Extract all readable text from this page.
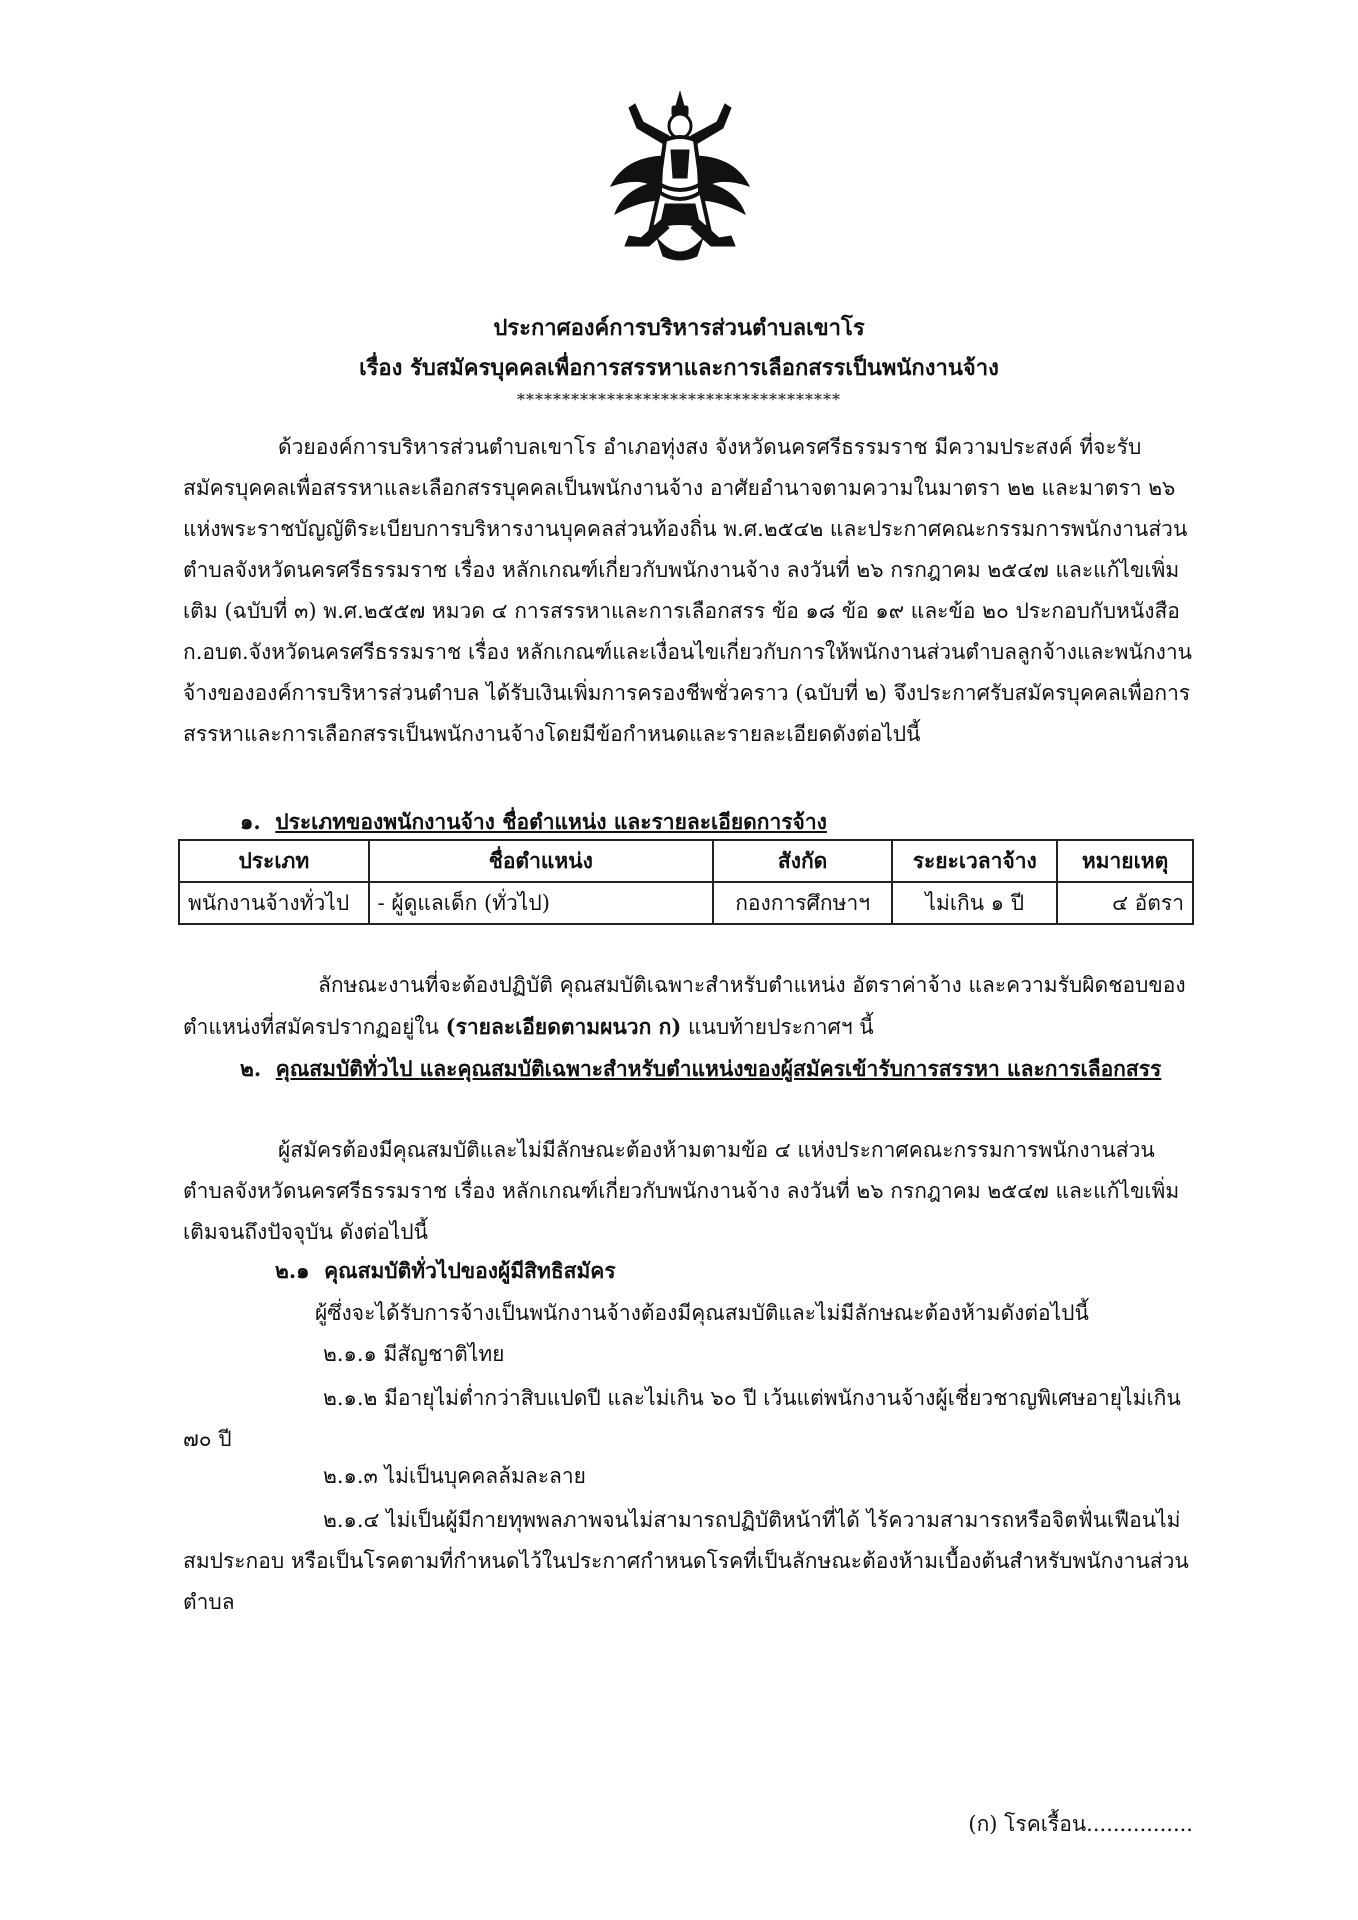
ประกาศองค์การบริหารส่วนตำบลเขาโร
เรื่อง รับสมัครบุคคลเพื่อการสรรหาและการเลือกสรรเป็นพนักงานจ้าง
************************************
ด้วยองค์การบริหารส่วนตำบลเขาโร อำเภอทุ่งสง จังหวัดนครศรีธรรมราช มีความประสงค์ ที่จะรับสมัครบุคคลเพื่อสรรหาและเลือกสรรบุคคลเป็นพนักงานจ้าง อาศัยอำนาจตามความในมาตรา ๒๒ และมาตรา ๒๖ แห่งพระราชบัญญัติระเบียบการบริหารงานบุคคลส่วนท้องถิ่น พ.ศ.๒๕๔๒ และประกาศคณะกรรมการพนักงานส่วนตำบลจังหวัดนครศรีธรรมราช เรื่อง หลักเกณฑ์เกี่ยวกับพนักงานจ้าง ลงวันที่ ๒๖ กรกฎาคม ๒๕๔๗ และแก้ไขเพิ่มเติม (ฉบับที่ ๓) พ.ศ.๒๕๕๗ หมวด ๔ การสรรหาและการเลือกสรร ข้อ ๑๘ ข้อ ๑๙ และข้อ ๒๐ ประกอบกับหนังสือ ก.อบต.จังหวัดนครศรีธรรมราช เรื่อง หลักเกณฑ์และเงื่อนไขเกี่ยวกับการให้พนักงานส่วนตำบลลูกจ้างและพนักงานจ้างขององค์การบริหารส่วนตำบล ได้รับเงินเพิ่มการครองชีพชั่วคราว (ฉบับที่ ๒) จึงประกาศรับสมัครบุคคลเพื่อการสรรหาและการเลือกสรรเป็นพนักงานจ้างโดยมีข้อกำหนดและรายละเอียดดังต่อไปนี้
๑. ประเภทของพนักงานจ้าง ชื่อตำแหน่ง และรายละเอียดการจ้าง
ประเภท	ชื่อตำแหน่ง	สังกัด	ระยะเวลาจ้าง	หมายเหตุ
พนักงานจ้างทั่วไป	- ผู้ดูแลเด็ก (ทั่วไป)	กองการศึกษาฯ	ไม่เกิน ๑ ปี	๔ อัตรา
ลักษณะงานที่จะต้องปฏิบัติ คุณสมบัติเฉพาะสำหรับตำแหน่ง อัตราค่าจ้าง และความรับผิดชอบของตำแหน่งที่สมัครปรากฏอยู่ใน (รายละเอียดตามผนวก ก) แนบท้ายประกาศฯ นี้
๒. คุณสมบัติทั่วไป และคุณสมบัติเฉพาะสำหรับตำแหน่งของผู้สมัครเข้ารับการสรรหา และการเลือกสรร
ผู้สมัครต้องมีคุณสมบัติและไม่มีลักษณะต้องห้ามตามข้อ ๔ แห่งประกาศคณะกรรมการพนักงานส่วนตำบลจังหวัดนครศรีธรรมราช เรื่อง หลักเกณฑ์เกี่ยวกับพนักงานจ้าง ลงวันที่ ๒๖ กรกฎาคม ๒๕๔๗ และแก้ไขเพิ่มเติมจนถึงปัจจุบัน ดังต่อไปนี้
๒.๑ คุณสมบัติทั่วไปของผู้มีสิทธิสมัคร
ผู้ซึ่งจะได้รับการจ้างเป็นพนักงานจ้างต้องมีคุณสมบัติและไม่มีลักษณะต้องห้ามดังต่อไปนี้
๒.๑.๑ มีสัญชาติไทย
๒.๑.๒ มีอายุไม่ต่ำกว่าสิบแปดปี และไม่เกิน ๖๐ ปี เว้นแต่พนักงานจ้างผู้เชี่ยวชาญพิเศษอายุไม่เกิน ๗๐ ปี
๒.๑.๓ ไม่เป็นบุคคลล้มละลาย
๒.๑.๔ ไม่เป็นผู้มีกายทุพพลภาพจนไม่สามารถปฏิบัติหน้าที่ได้ ไร้ความสามารถหรือจิตฟั่นเฟือนไม่สมประกอบ หรือเป็นโรคตามที่กำหนดไว้ในประกาศกำหนดโรคที่เป็นลักษณะต้องห้ามเบื้องต้นสำหรับพนักงานส่วนตำบล
(ก) โรคเรื้อน................
